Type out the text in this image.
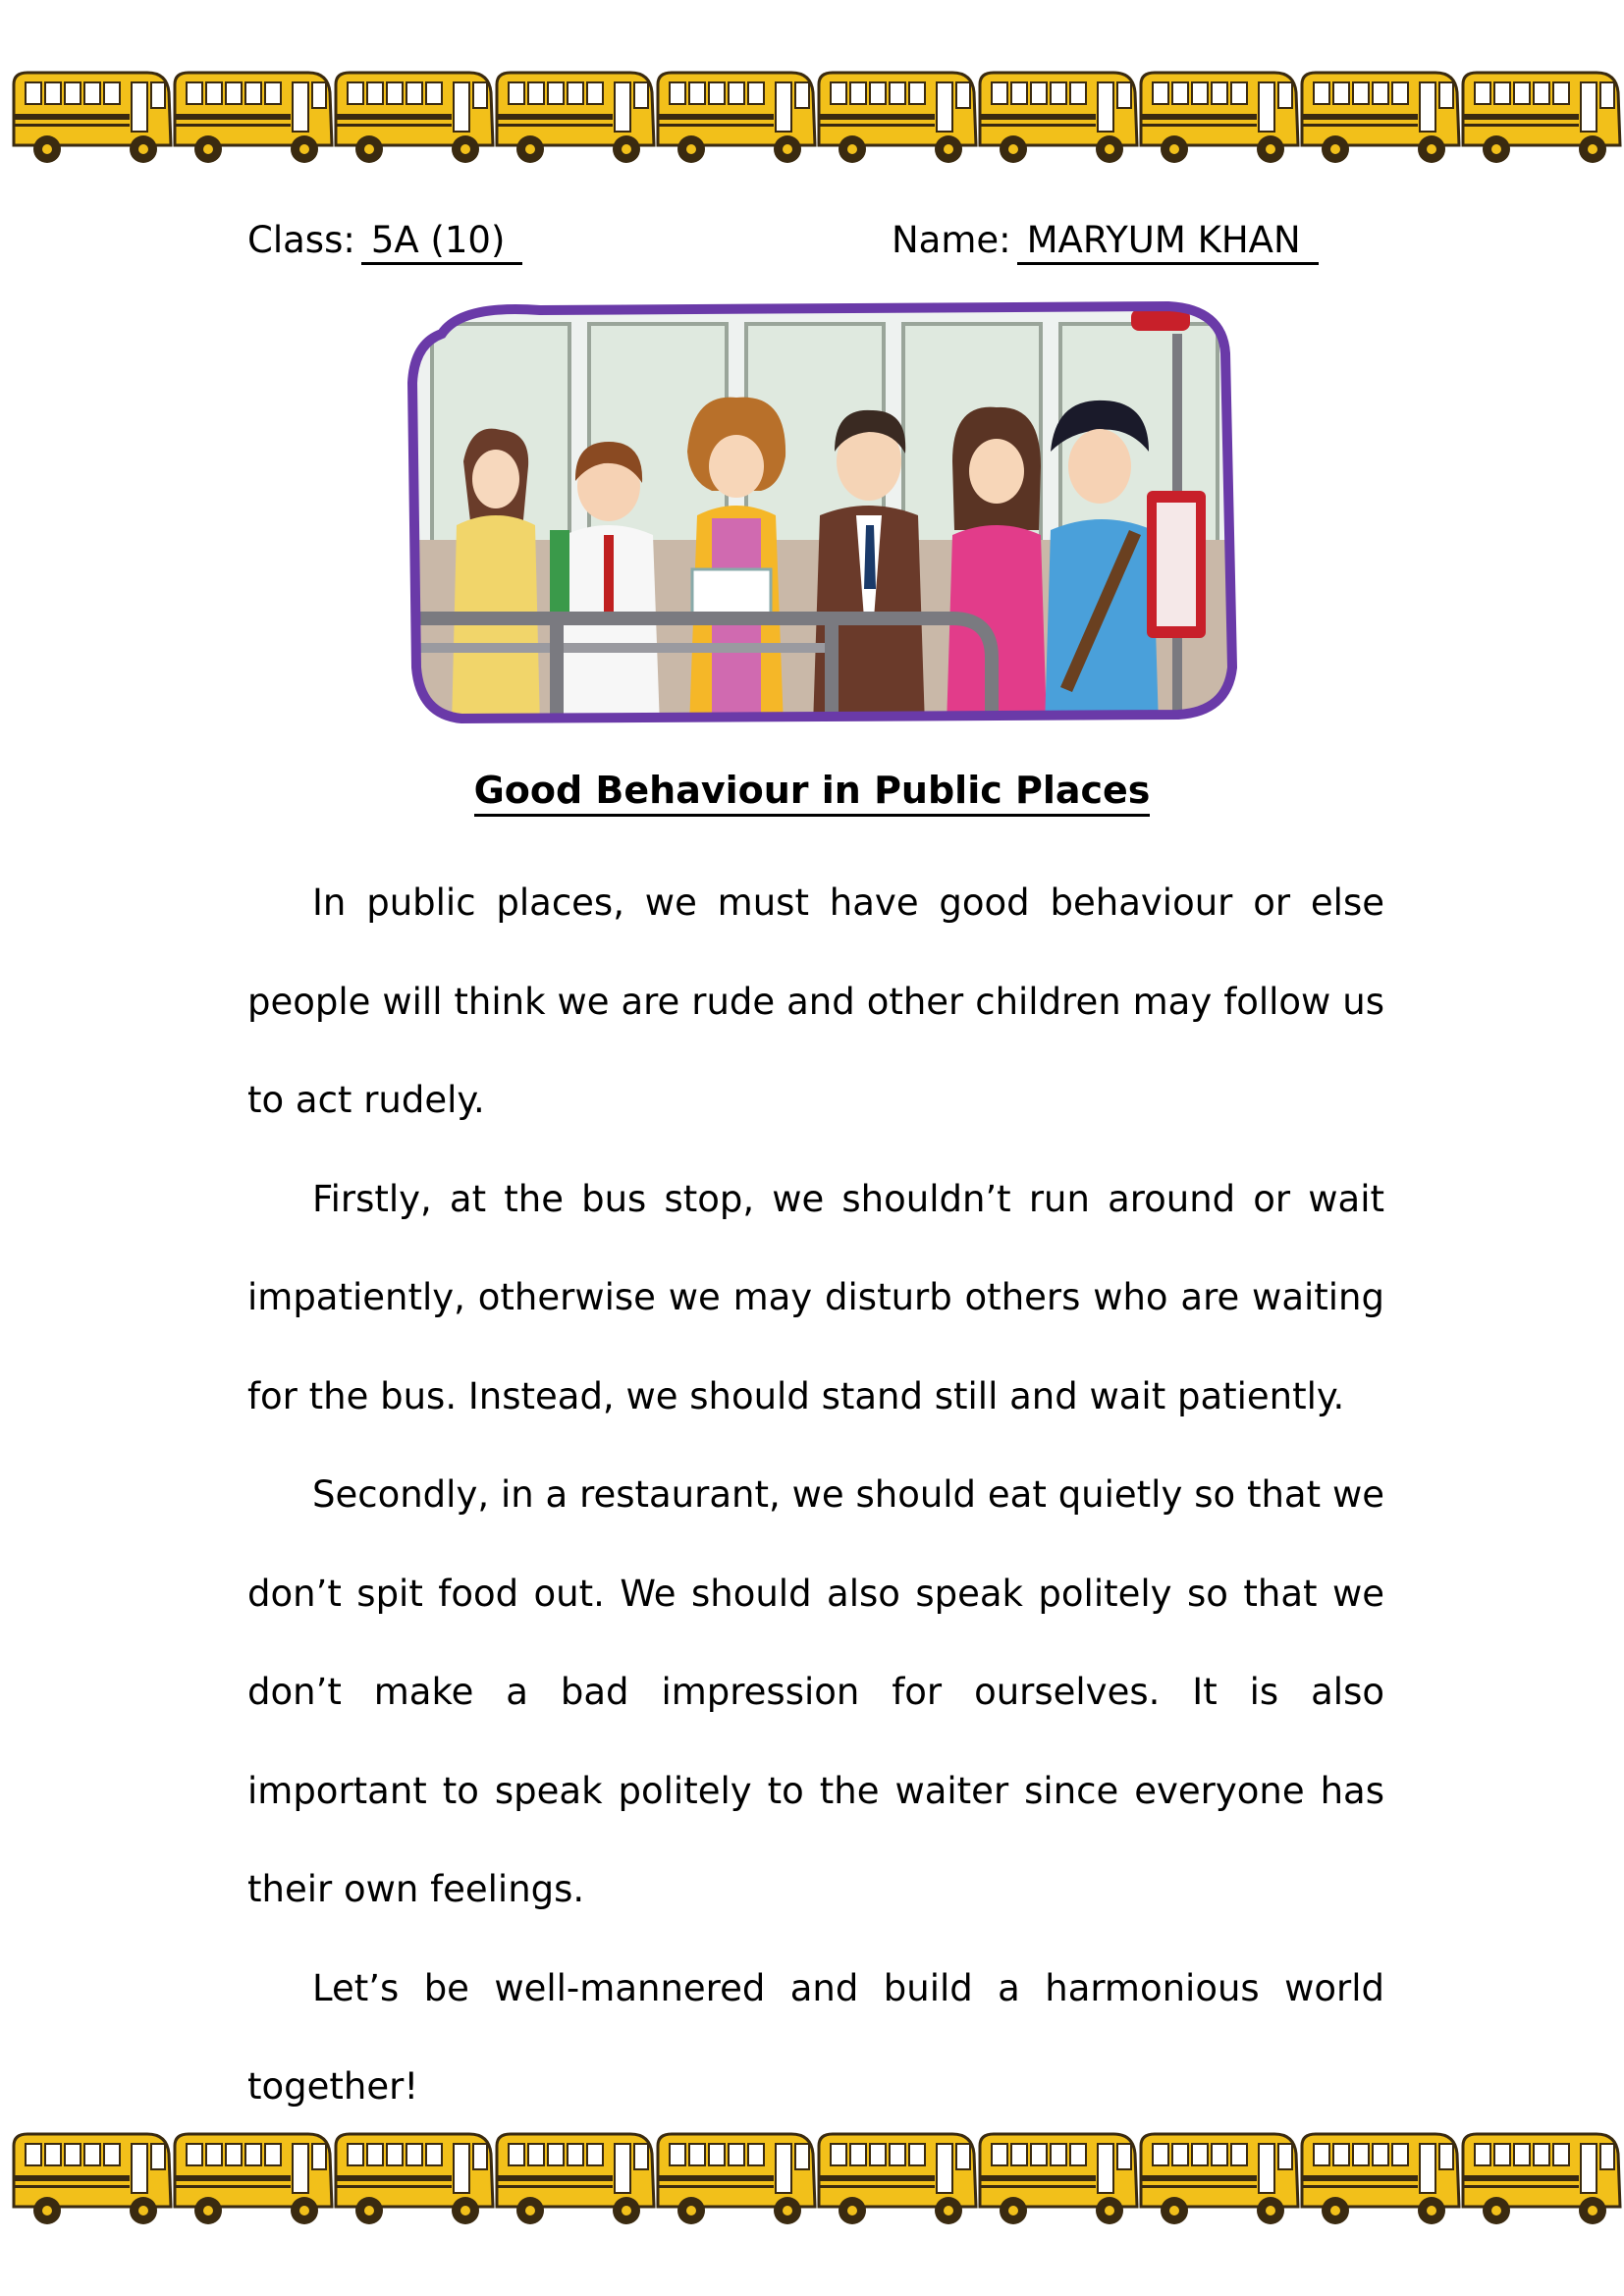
Class: 5A (10)	Name: MARYUM KHAN
Good Behaviour in Public Places

In public places, we must have good behaviour or else people will think we are rude and other children may follow us to act rudely.

Firstly, at the bus stop, we shouldn’t run around or wait impatiently, otherwise we may disturb others who are waiting for the bus. Instead, we should stand still and wait patiently.

Secondly, in a restaurant, we should eat quietly so that we don’t spit food out. We should also speak politely so that we don’t make a bad impression for ourselves. It is also important to speak politely to the waiter since everyone has their own feelings.

Let’s be well-mannered and build a harmonious world together!
